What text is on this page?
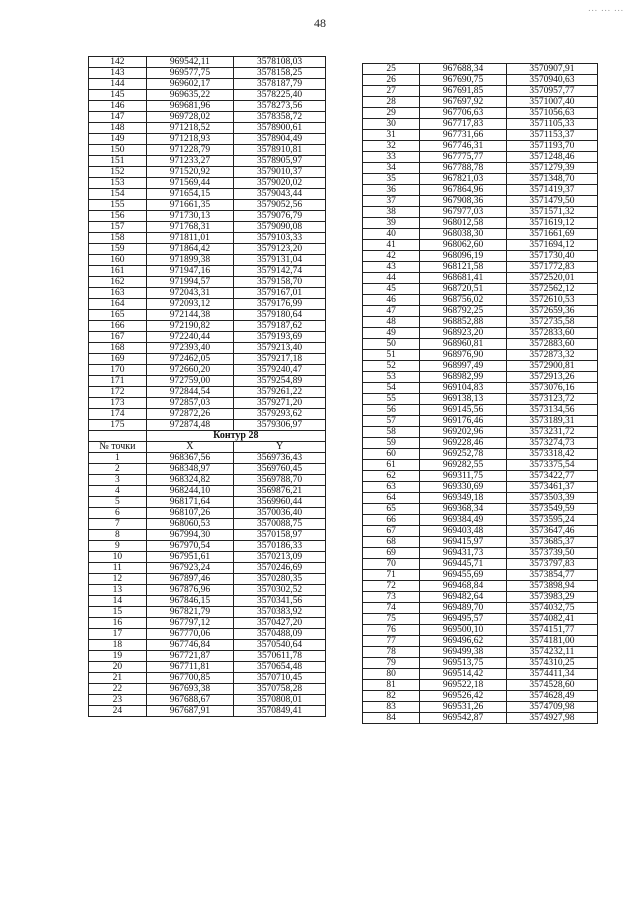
48
... ... ...
142	969542,11	3578108,03
143	969577,75	3578158,25
144	969602,17	3578187,79
145	969635,22	3578225,40
146	969681,96	3578273,56
147	969728,02	3578358,72
148	971218,52	3578900,61
149	971218,93	3578904,49
150	971228,79	3578910,81
151	971233,27	3578905,97
152	971520,92	3579010,37
153	971569,44	3579020,02
154	971654,15	3579043,44
155	971661,35	3579052,56
156	971730,13	3579076,79
157	971768,31	3579090,08
158	971811,01	3579103,33
159	971864,42	3579123,20
160	971899,38	3579131,04
161	971947,16	3579142,74
162	971994,57	3579158,70
163	972043,31	3579167,01
164	972093,12	3579176,99
165	972144,38	3579180,64
166	972190,82	3579187,62
167	972240,44	3579193,69
168	972393,40	3579213,40
169	972462,05	3579217,18
170	972660,20	3579240,47
171	972759,00	3579254,89
172	972844,54	3579261,22
173	972857,03	3579271,20
174	972872,26	3579293,62
175	972874,48	3579306,97
	Контур 28	
№ точки	X	Y
1	968367,56	3569736,43
2	968348,97	3569760,45
3	968324,82	3569788,70
4	968244,10	3569876,21
5	968171,64	3569960,44
6	968107,26	3570036,40
7	968060,53	3570088,75
8	967994,30	3570158,97
9	967970,54	3570186,33
10	967951,61	3570213,09
11	967923,24	3570246,69
12	967897,46	3570280,35
13	967876,96	3570302,52
14	967846,15	3570341,56
15	967821,79	3570383,92
16	967797,12	3570427,20
17	967770,06	3570488,09
18	967746,84	3570540,64
19	967721,87	3570611,78
20	967711,81	3570654,48
21	967700,85	3570710,45
22	967693,38	3570758,28
23	967688,67	3570808,01
24	967687,91	3570849,41
25	967688,34	3570907,91
26	967690,75	3570940,63
27	967691,85	3570957,77
28	967697,92	3571007,40
29	967706,63	3571056,63
30	967717,83	3571105,33
31	967731,66	3571153,37
32	967746,31	3571193,70
33	967775,77	3571248,46
34	967788,78	3571279,39
35	967821,03	3571348,70
36	967864,96	3571419,37
37	967908,36	3571479,50
38	967977,03	3571571,32
39	968012,58	3571619,12
40	968038,30	3571661,69
41	968062,60	3571694,12
42	968096,19	3571730,40
43	968121,58	3571772,83
44	968681,41	3572520,01
45	968720,51	3572562,12
46	968756,02	3572610,53
47	968792,25	3572659,36
48	968852,88	3572735,58
49	968923,20	3572833,60
50	968960,81	3572883,60
51	968976,90	3572873,32
52	968997,49	3572900,81
53	968982,99	3572913,26
54	969104,83	3573076,16
55	969138,13	3573123,72
56	969145,56	3573134,56
57	969176,46	3573189,31
58	969202,96	3573231,72
59	969228,46	3573274,73
60	969252,78	3573318,42
61	969282,55	3573375,54
62	969311,75	3573422,77
63	969330,69	3573461,37
64	969349,18	3573503,39
65	969368,34	3573549,59
66	969384,49	3573595,24
67	969403,48	3573647,46
68	969415,97	3573685,37
69	969431,73	3573739,50
70	969445,71	3573797,83
71	969455,69	3573854,77
72	969468,84	3573898,94
73	969482,64	3573983,29
74	969489,70	3574032,75
75	969495,57	3574082,41
76	969500,10	3574151,77
77	969496,62	3574181,00
78	969499,38	3574232,11
79	969513,75	3574310,25
80	969514,42	3574411,34
81	969522,18	3574528,60
82	969526,42	3574628,49
83	969531,26	3574709,98
84	969542,87	3574927,98
